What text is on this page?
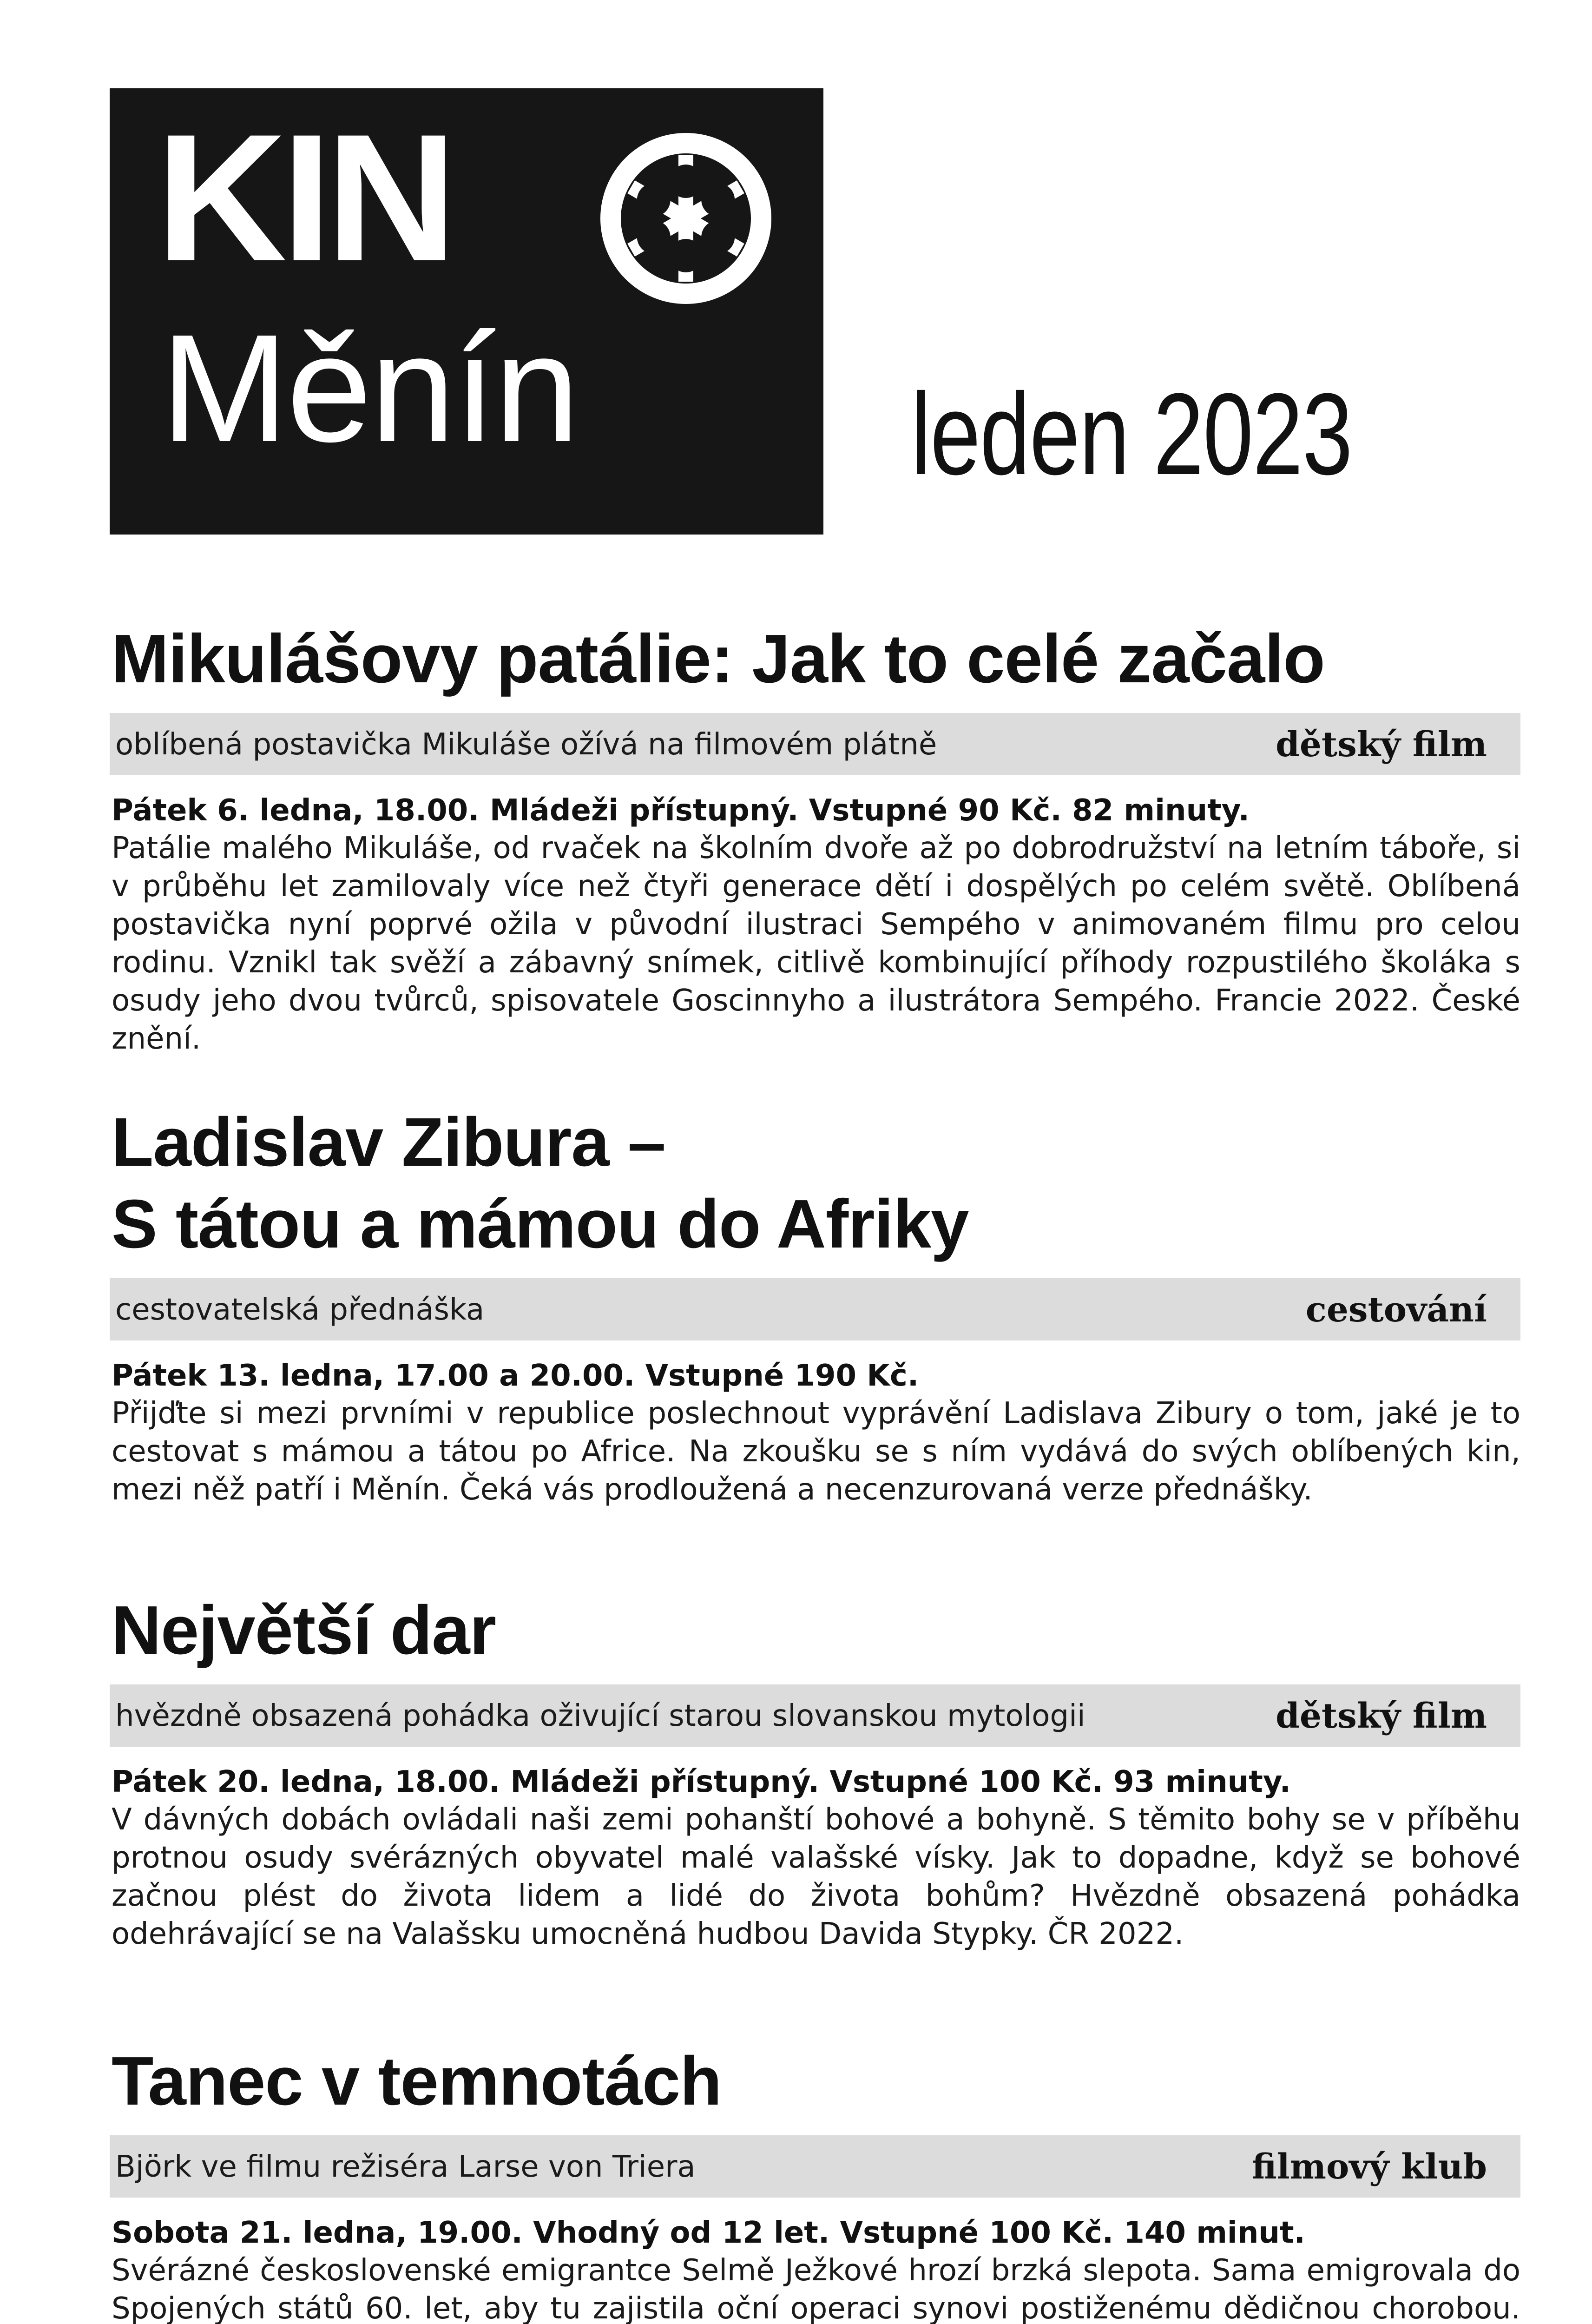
KIN
Měnín	leden 2023
Mikulášovy patálie: Jak to celé začalo
oblíbená postavička Mikuláše ožívá na filmovém plátně	dětský film
Pátek 6. ledna, 18.00. Mládeži přístupný. Vstupné 90 Kč. 82 minuty.

Patálie malého Mikuláše, od rvaček na školním dvoře až po dobrodružství na letním táboře, si v průběhu let zamilovaly více než čtyři generace dětí i dospělých po celém světě. Oblíbená postavička nyní poprvé ožila v původní ilustraci Sempého v animovaném filmu pro celou rodinu. Vznikl tak svěží a zábavný snímek, citlivě kombinující příhody rozpustilého školáka s osudy jeho dvou tvůrců, spisovatele Goscinnyho a ilustrátora Sempého. Francie 2022. České znění.

Ladislav Zibura –
S tátou a mámou do Afriky
cestovatelská přednáška	cestování
Pátek 13. ledna, 17.00 a 20.00. Vstupné 190 Kč.

Přijďte si mezi prvními v republice poslechnout vyprávění Ladislava Zibury o tom, jaké je to cestovat s mámou a tátou po Africe. Na zkoušku se s ním vydává do svých oblíbených kin, mezi něž patří i Měnín. Čeká vás prodloužená a necenzurovaná verze přednášky.

Největší dar
hvězdně obsazená pohádka oživující starou slovanskou mytologii	dětský film
Pátek 20. ledna, 18.00. Mládeži přístupný. Vstupné 100 Kč. 93 minuty.

V dávných dobách ovládali naši zemi pohanští bohové a bohyně. S těmito bohy se v příběhu protnou osudy svérázných obyvatel malé valašské vísky. Jak to dopadne, když se bohové začnou plést do života lidem a lidé do života bohům? Hvězdně obsazená pohádka odehrávající se na Valašsku umocněná hudbou Davida Stypky. ČR 2022.

Tanec v temnotách
Björk ve filmu režiséra Larse von Triera	filmový klub
Sobota 21. ledna, 19.00. Vhodný od 12 let. Vstupné 100 Kč. 140 minut.

Svérázné československé emigrantce Selmě Ježkové hrozí brzká slepota. Sama emigrovala do Spojených států 60. let, aby tu zajistila oční operaci synovi postiženému dědičnou chorobou.
